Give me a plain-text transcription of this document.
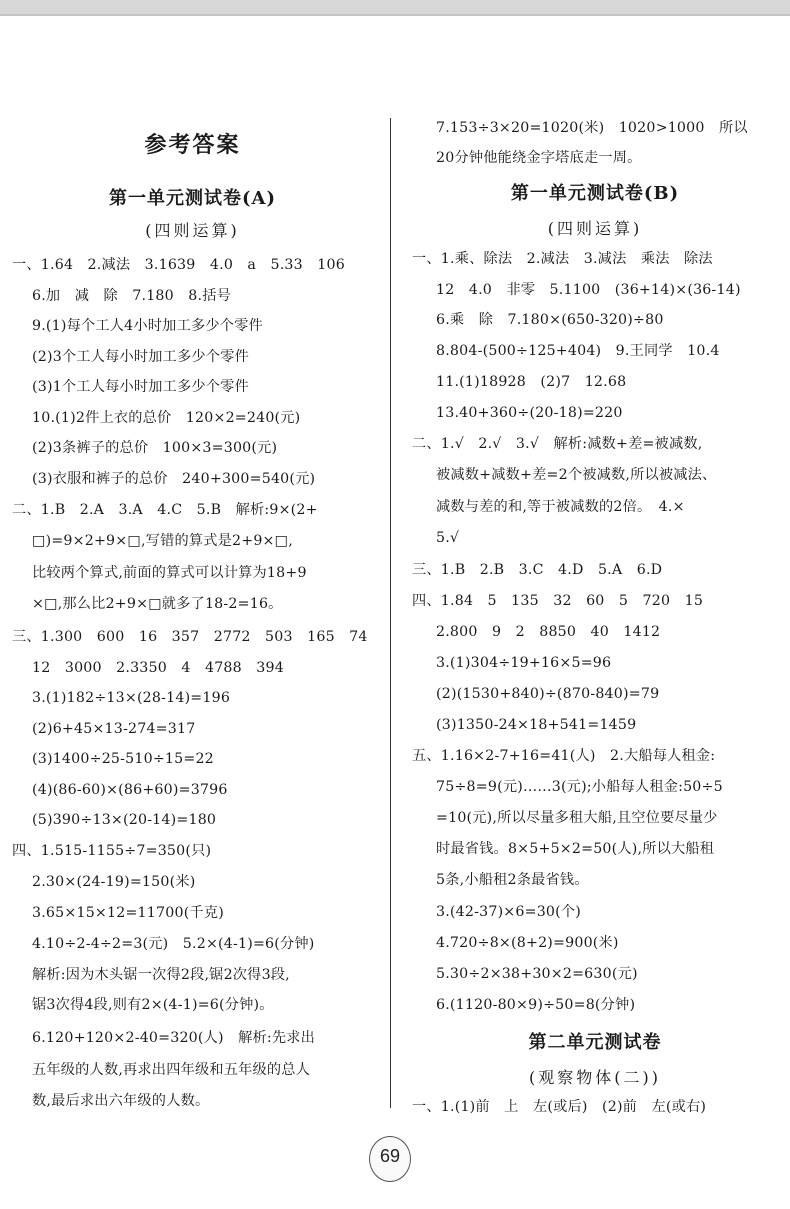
参考答案
第一单元测试卷(A)
(四则运算)
一、1.64　2.减法　3.1639　4.0　a　5.33　106
6.加　减　除　7.180　8.括号
9.(1)每个工人4小时加工多少个零件
(2)3个工人每小时加工多少个零件
(3)1个工人每小时加工多少个零件
10.(1)2件上衣的总价　120×2=240(元)
(2)3条裤子的总价　100×3=300(元)
(3)衣服和裤子的总价　240+300=540(元)
二、1.B　2.A　3.A　4.C　5.B　解析:9×(2+
□)=9×2+9×□,写错的算式是2+9×□,
比较两个算式,前面的算式可以计算为18+9
×□,那么比2+9×□就多了18-2=16。
三、1.300　600　16　357　2772　503　165　74
12　3000　2.3350　4　4788　394
3.(1)182÷13×(28-14)=196
(2)6+45×13-274=317
(3)1400÷25-510÷15=22
(4)(86-60)×(86+60)=3796
(5)390÷13×(20-14)=180
四、1.515-1155÷7=350(只)
2.30×(24-19)=150(米)
3.65×15×12=11700(千克)
4.10÷2-4÷2=3(元)　5.2×(4-1)=6(分钟)
解析:因为木头锯一次得2段,锯2次得3段,
锯3次得4段,则有2×(4-1)=6(分钟)。
6.120+120×2-40=320(人)　解析:先求出
五年级的人数,再求出四年级和五年级的总人
数,最后求出六年级的人数。
7.153÷3×20=1020(米)　1020>1000　所以
20分钟他能绕金字塔底走一周。
第一单元测试卷(B)
(四则运算)
一、1.乘、除法　2.减法　3.减法　乘法　除法
12　4.0　非零　5.1100　(36+14)×(36-14)
6.乘　除　7.180×(650-320)÷80
8.804-(500÷125+404)　9.王同学　10.4
11.(1)18928　(2)7　12.68
13.40+360÷(20-18)=220
二、1.√　2.√　3.√　解析:减数+差=被减数,
被减数+减数+差=2个被减数,所以被减法、
减数与差的和,等于被减数的2倍。　4.×
5.√
三、1.B　2.B　3.C　4.D　5.A　6.D
四、1.84　5　135　32　60　5　720　15
2.800　9　2　8850　40　1412
3.(1)304÷19+16×5=96
(2)(1530+840)÷(870-840)=79
(3)1350-24×18+541=1459
五、1.16×2-7+16=41(人)　2.大船每人租金:
75÷8=9(元)……3(元);小船每人租金:50÷5
=10(元),所以尽量多租大船,且空位要尽量少
时最省钱。8×5+5×2=50(人),所以大船租
5条,小船租2条最省钱。
3.(42-37)×6=30(个)
4.720÷8×(8+2)=900(米)
5.30÷2×38+30×2=630(元)
6.(1120-80×9)÷50=8(分钟)
第二单元测试卷
(观察物体(二))
一、1.(1)前　上　左(或后)　(2)前　左(或右)
69
